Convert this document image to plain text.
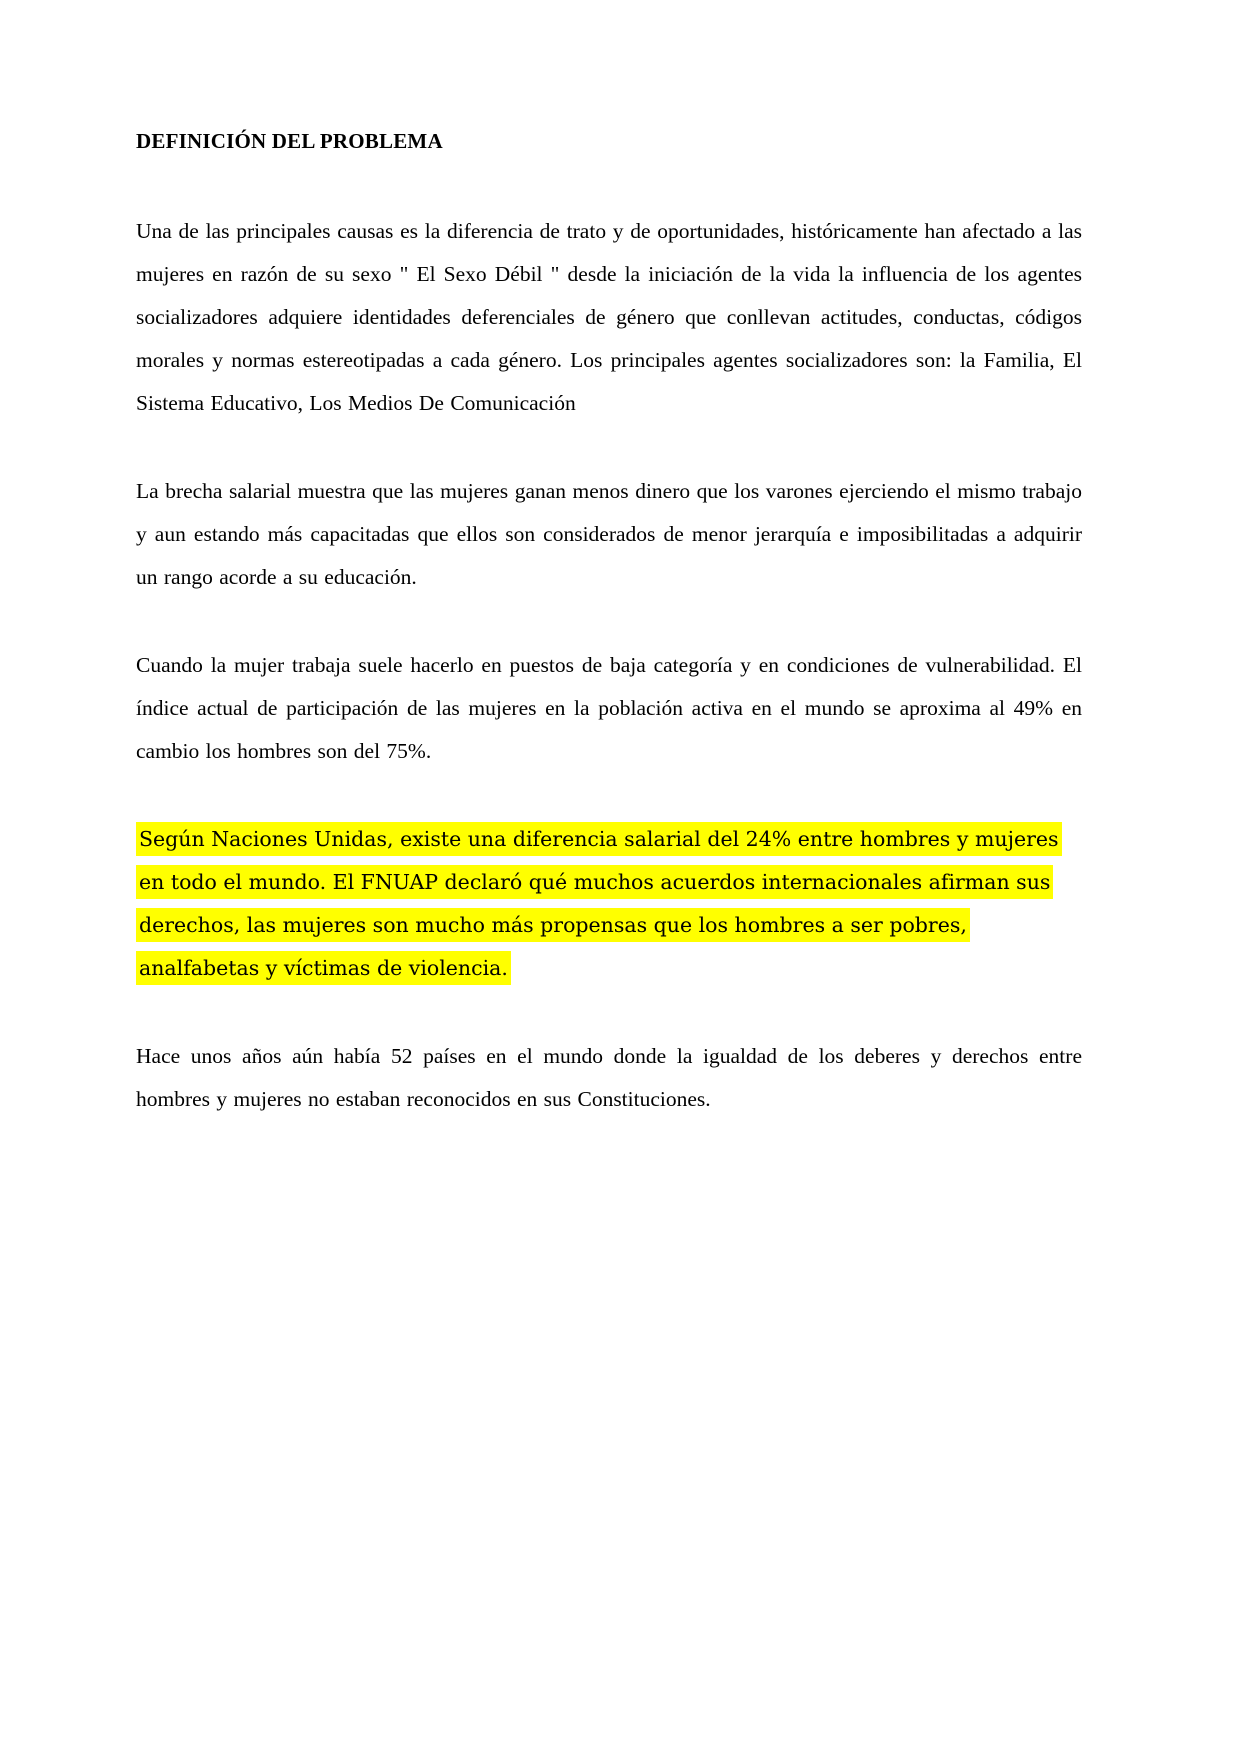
DEFINICIÓN DEL PROBLEMA

Una de las principales causas es la diferencia de trato y de oportunidades, históricamente han afectado a las mujeres en razón de su sexo " El Sexo Débil " desde la iniciación de la vida la influencia de los agentes socializadores adquiere identidades deferenciales de género que conllevan actitudes, conductas, códigos morales y normas estereotipadas a cada género. Los principales agentes socializadores son: la Familia, El Sistema Educativo, Los Medios De Comunicación

La brecha salarial muestra que las mujeres ganan menos dinero que los varones ejerciendo el mismo trabajo y aun estando más capacitadas que ellos son considerados de menor jerarquía e imposibilitadas a adquirir un rango acorde a su educación.

Cuando la mujer trabaja suele hacerlo en puestos de baja categoría y en condiciones de vulnerabilidad. El índice actual de participación de las mujeres en la población activa en el mundo se aproxima al 49% en cambio los hombres son del 75%.

Según Naciones Unidas, existe una diferencia salarial del 24% entre hombres y mujeres en todo el mundo. El FNUAP declaró qué muchos acuerdos internacionales afirman sus derechos, las mujeres son mucho más propensas que los hombres a ser pobres, analfabetas y víctimas de violencia.

Hace unos años aún había 52 países en el mundo donde la igualdad de los deberes y derechos entre hombres y mujeres no estaban reconocidos en sus Constituciones.
